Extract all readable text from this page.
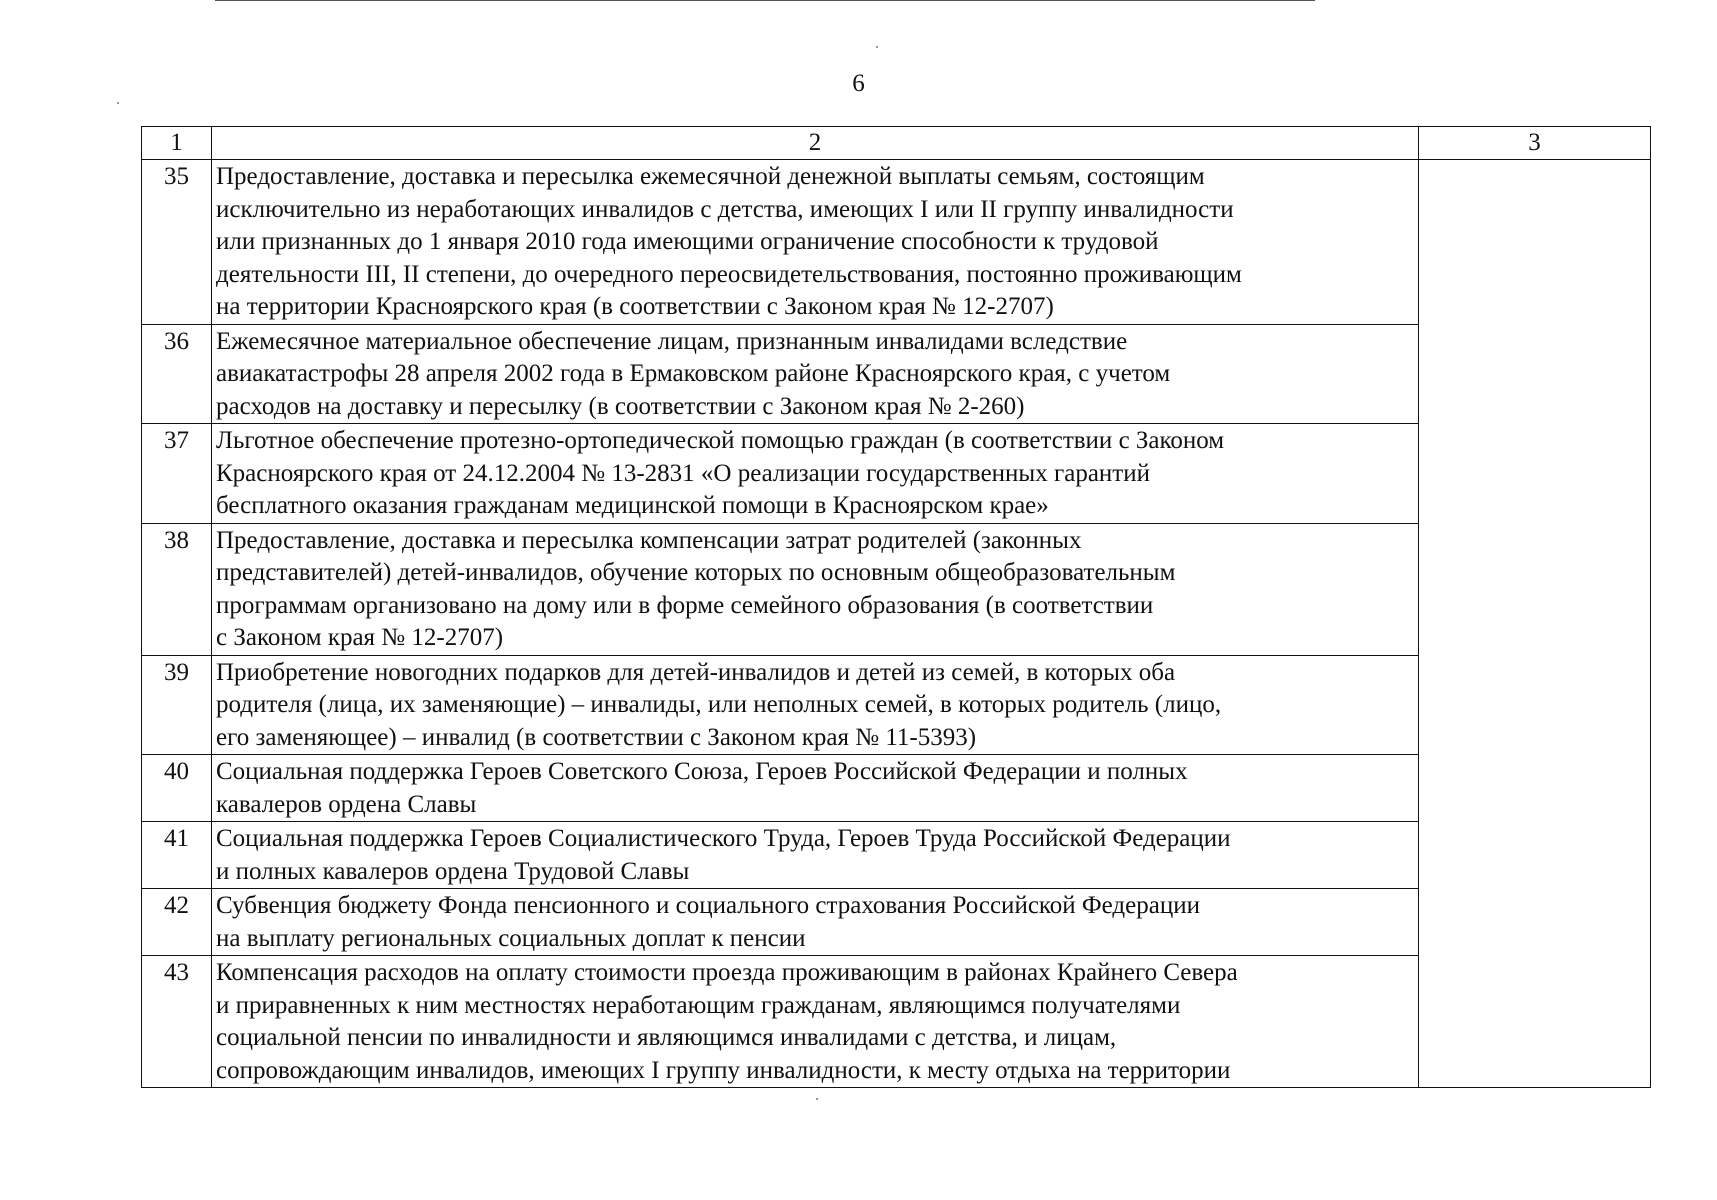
6
1	2	3
35	Предоставление, доставка и пересылка ежемесячной денежной выплаты семьям, состоящим
исключительно из неработающих инвалидов с детства, имеющих I или II группу инвалидности
или признанных до 1 января 2010 года имеющими ограничение способности к трудовой
деятельности III, II степени, до очередного переосвидетельствования, постоянно проживающим
на территории Красноярского края (в соответствии с Законом края № 12-2707)	
36	Ежемесячное материальное обеспечение лицам, признанным инвалидами вследствие
авиакатастрофы 28 апреля 2002 года в Ермаковском районе Красноярского края, с учетом
расходов на доставку и пересылку (в соответствии с Законом края № 2-260)	
37	Льготное обеспечение протезно-ортопедической помощью граждан (в соответствии с Законом
Красноярского края от 24.12.2004 № 13-2831 «О реализации государственных гарантий
бесплатного оказания гражданам медицинской помощи в Красноярском крае»	
38	Предоставление, доставка и пересылка компенсации затрат родителей (законных
представителей) детей-инвалидов, обучение которых по основным общеобразовательным
программам организовано на дому или в форме семейного образования (в соответствии
с Законом края № 12-2707)	
39	Приобретение новогодних подарков для детей-инвалидов и детей из семей, в которых оба
родителя (лица, их заменяющие) – инвалиды, или неполных семей, в которых родитель (лицо,
его заменяющее) – инвалид (в соответствии с Законом края № 11-5393)	
40	Социальная поддержка Героев Советского Союза, Героев Российской Федерации и полных
кавалеров ордена Славы	
41	Социальная поддержка Героев Социалистического Труда, Героев Труда Российской Федерации
и полных кавалеров ордена Трудовой Славы	
42	Субвенция бюджету Фонда пенсионного и социального страхования Российской Федерации
на выплату региональных социальных доплат к пенсии	
43	Компенсация расходов на оплату стоимости проезда проживающим в районах Крайнего Севера
и приравненных к ним местностях неработающим гражданам, являющимся получателями
социальной пенсии по инвалидности и являющимся инвалидами с детства, и лицам,
сопровождающим инвалидов, имеющих I группу инвалидности, к месту отдыха на территории	
